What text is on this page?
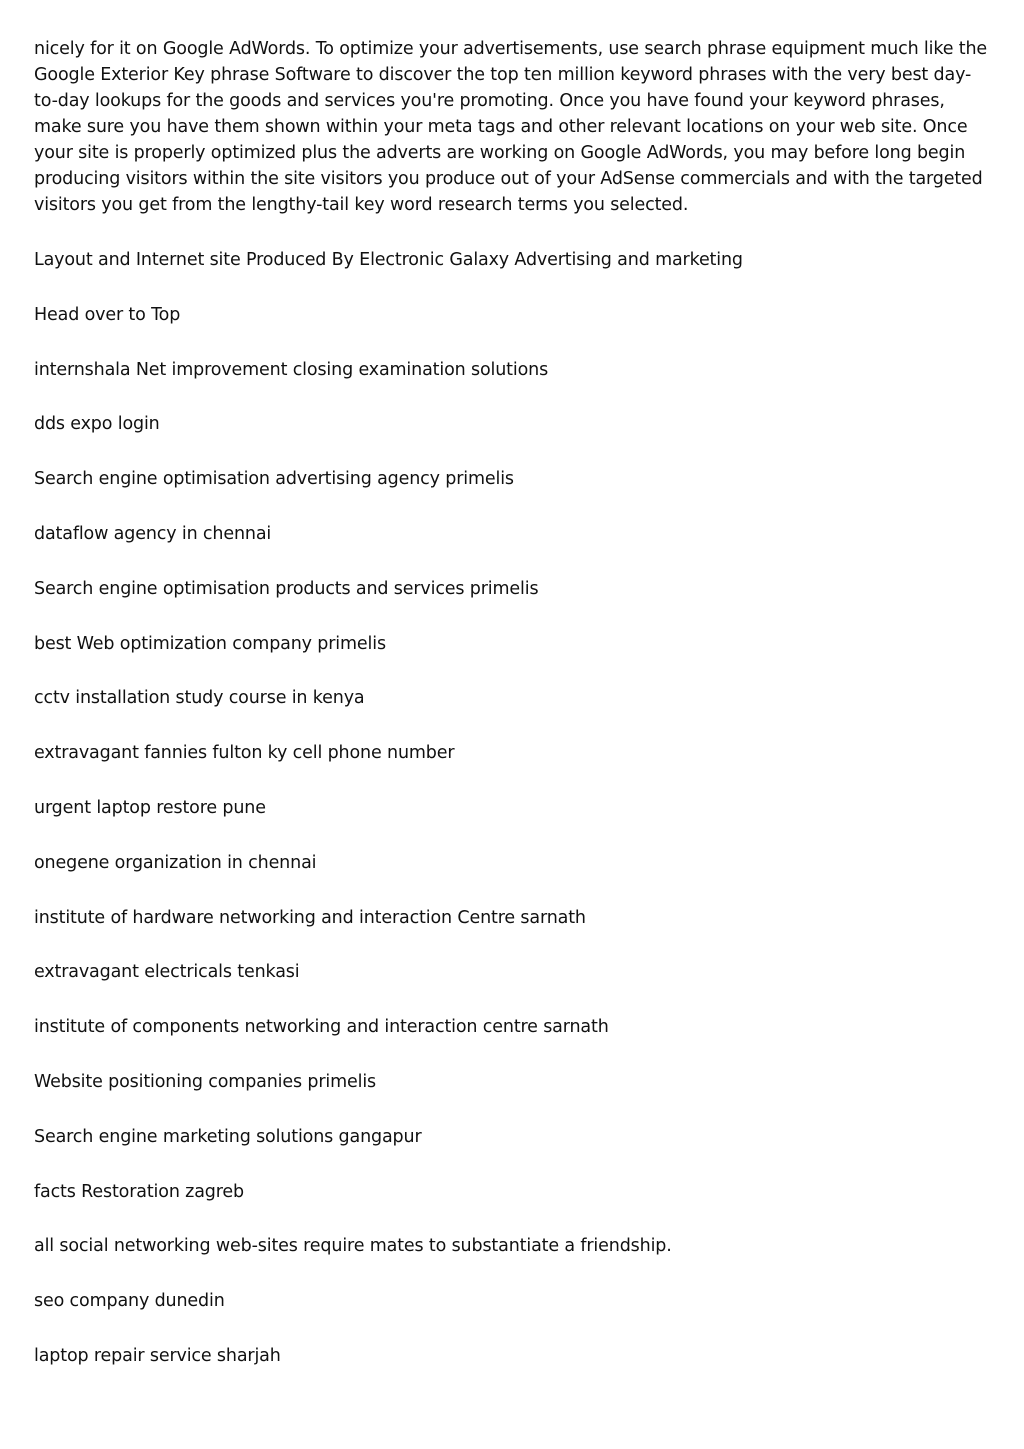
nicely for it on Google AdWords. To optimize your advertisements, use search phrase equipment much like the Google Exterior Key phrase Software to discover the top ten million keyword phrases with the very best day-to-day lookups for the goods and services you're promoting. Once you have found your keyword phrases, make sure you have them shown within your meta tags and other relevant locations on your web site. Once your site is properly optimized plus the adverts are working on Google AdWords, you may before long begin producing visitors within the site visitors you produce out of your AdSense commercials and with the targeted visitors you get from the lengthy-tail key word research terms you selected.

Layout and Internet site Produced By Electronic Galaxy Advertising and marketing

Head over to Top

internshala Net improvement closing examination solutions
dds expo login
Search engine optimisation advertising agency primelis
dataflow agency in chennai
Search engine optimisation products and services primelis
best Web optimization company primelis
cctv installation study course in kenya
extravagant fannies fulton ky cell phone number
urgent laptop restore pune
onegene organization in chennai
institute of hardware networking and interaction Centre sarnath
extravagant electricals tenkasi
institute of components networking and interaction centre sarnath
Website positioning companies primelis
Search engine marketing solutions gangapur
facts Restoration zagreb
all social networking web-sites require mates to substantiate a friendship.
seo company dunedin
laptop repair service sharjah
